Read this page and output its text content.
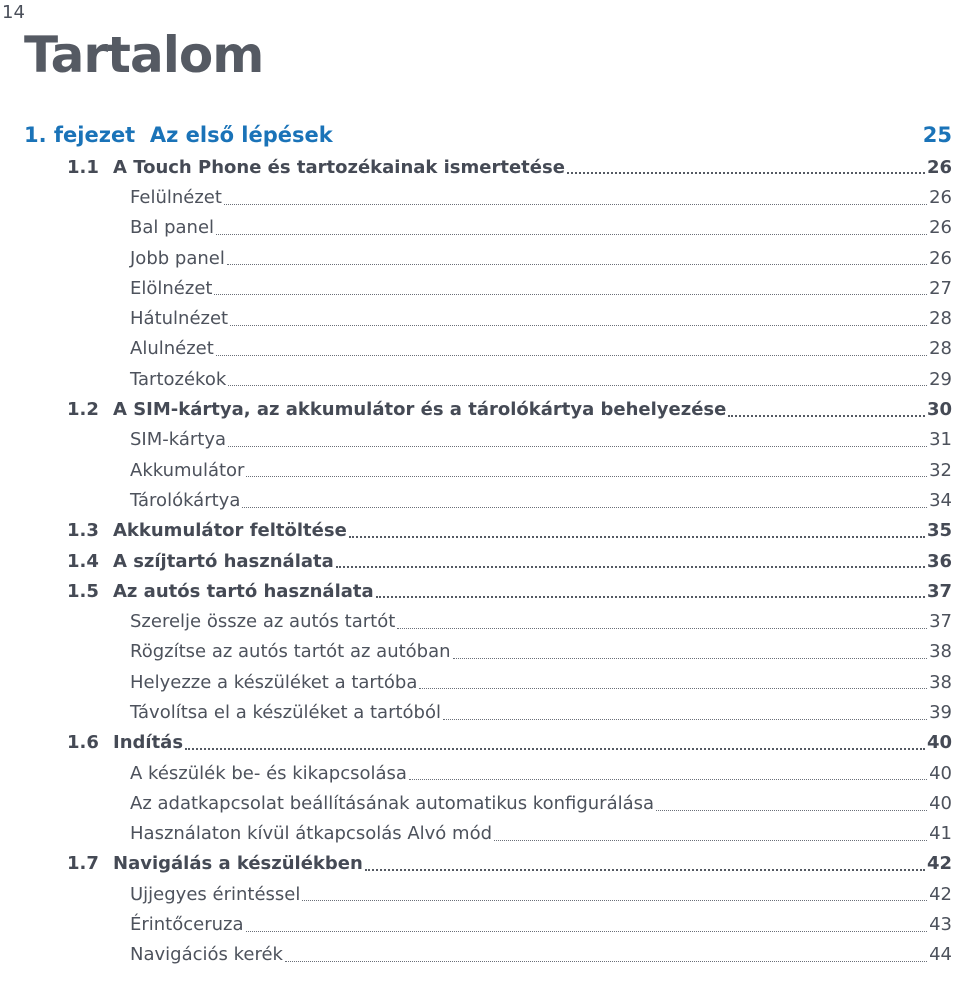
14
Tartalom
1. fejezet  Az első lépések	25
1.1 A Touch Phone és tartozékainak ismertetése	26
Felülnézet	26
Bal panel	26
Jobb panel	26
Elölnézet	27
Hátulnézet	28
Alulnézet	28
Tartozékok	29
1.2 A SIM-kártya, az akkumulátor és a tárolókártya behelyezése	30
SIM-kártya	31
Akkumulátor	32
Tárolókártya	34
1.3 Akkumulátor feltöltése	35
1.4 A szíjtartó használata	36
1.5 Az autós tartó használata	37
Szerelje össze az autós tartót	37
Rögzítse az autós tartót az autóban	38
Helyezze a készüléket a tartóba	38
Távolítsa el a készüléket a tartóból	39
1.6 Indítás	40
A készülék be- és kikapcsolása	40
Az adatkapcsolat beállításának automatikus konfigurálása	40
Használaton kívül átkapcsolás Alvó mód	41
1.7 Navigálás a készülékben	42
Ujjegyes érintéssel	42
Érintőceruza	43
Navigációs kerék	44
